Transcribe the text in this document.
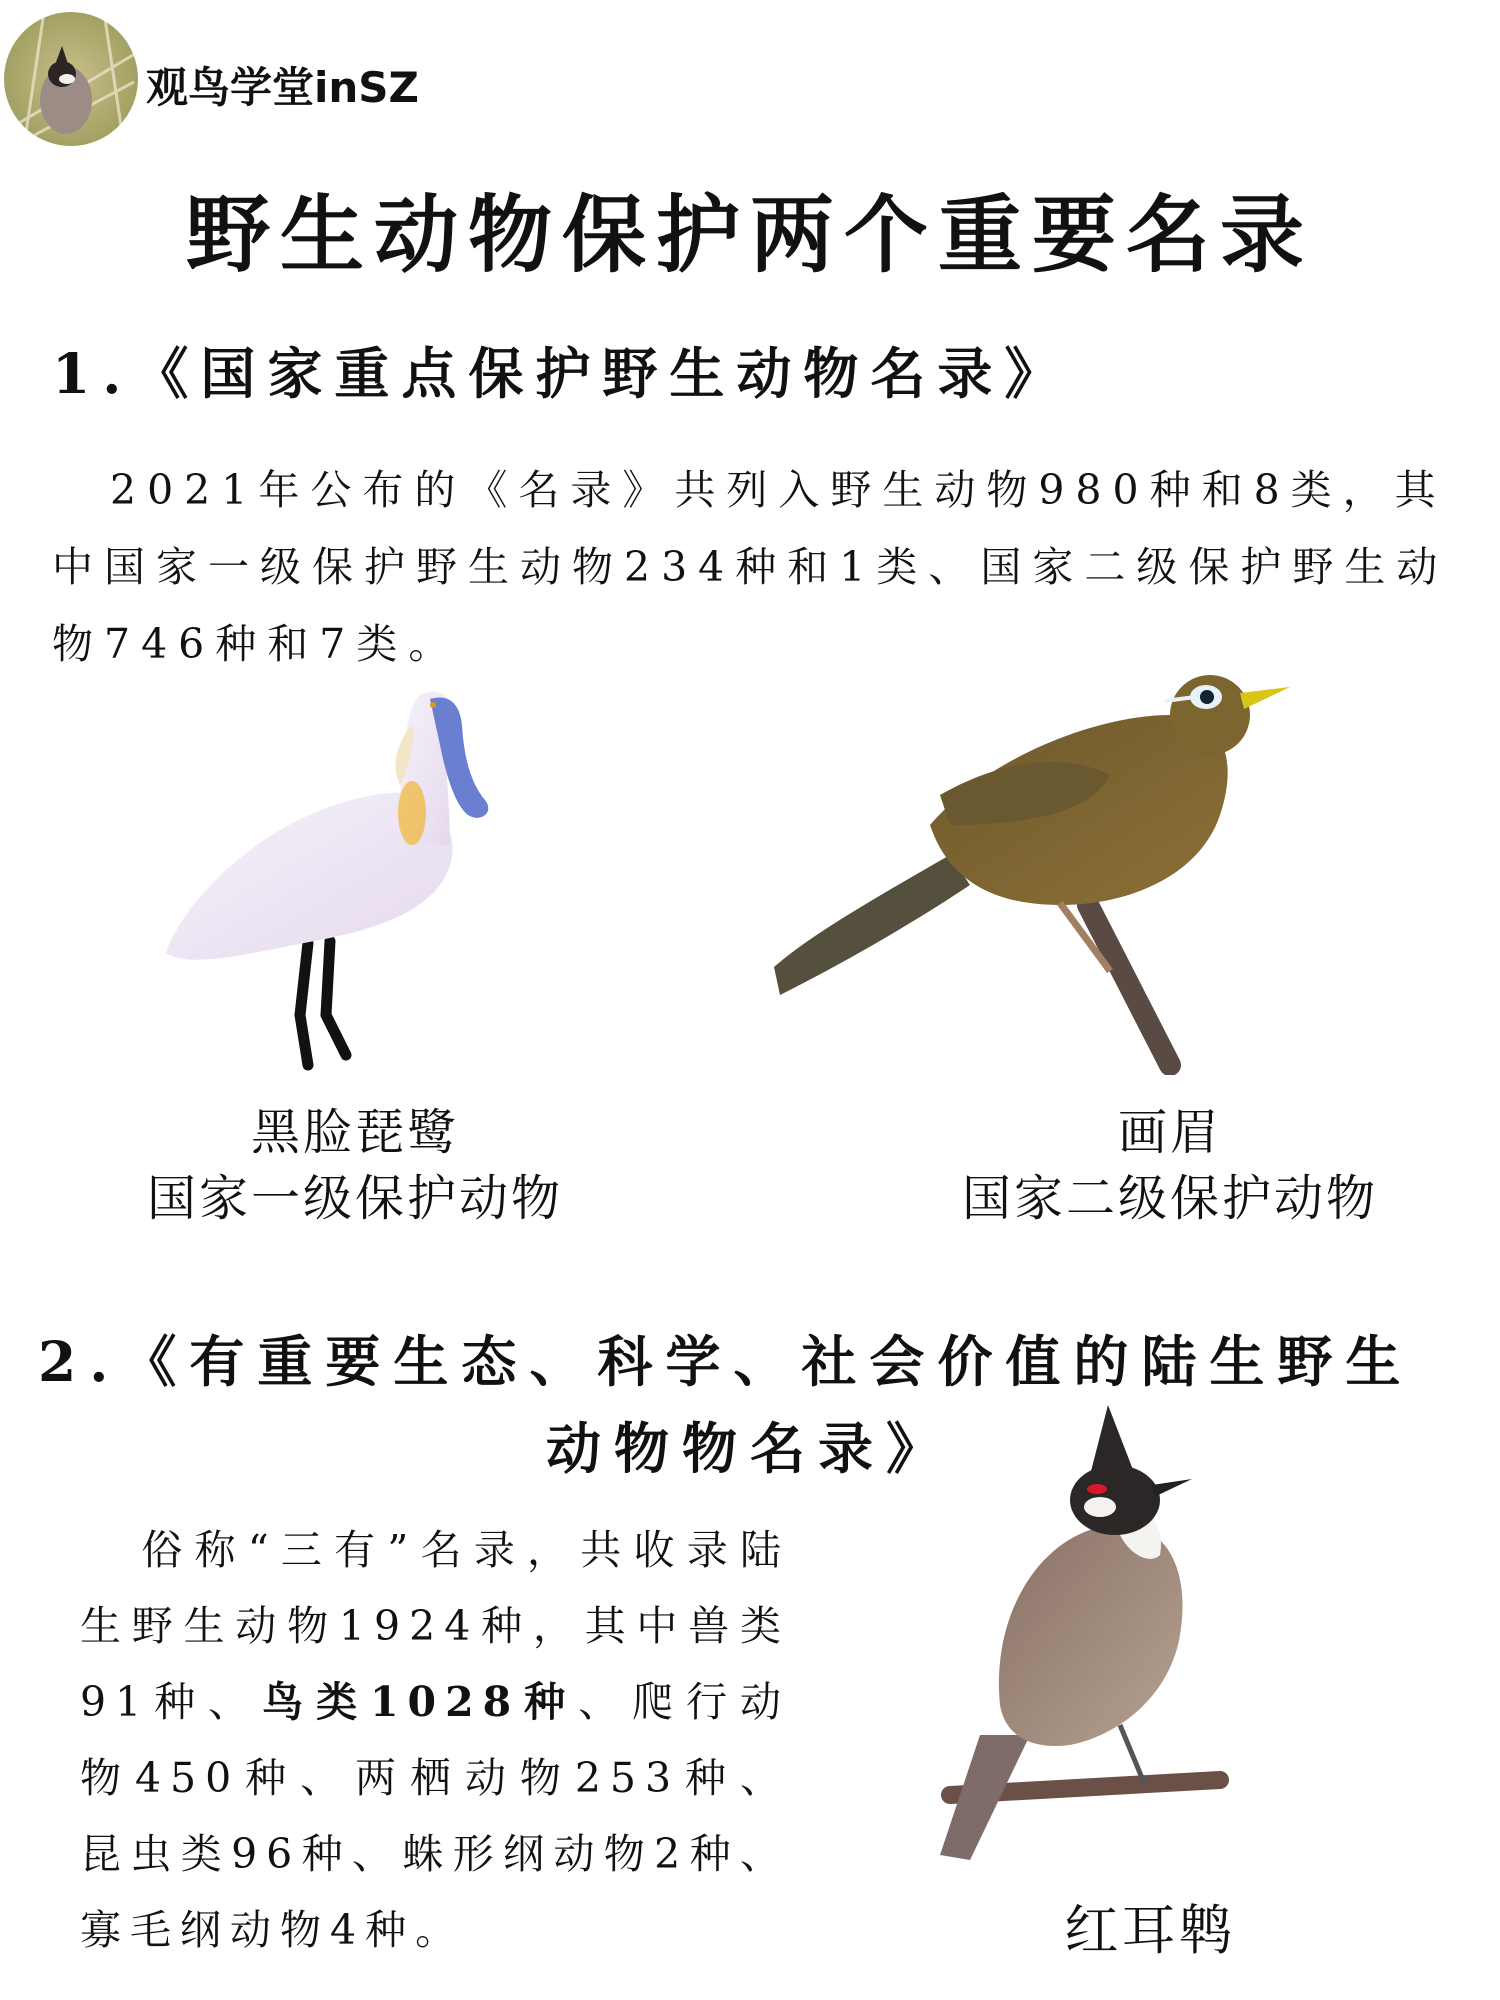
观鸟学堂inSZ
野生动物保护两个重要名录
1.《国家重点保护野生动物名录》
2021年公布的《名录》共列入野生动物980种和8类，其中国家一级保护野生动物234种和1类、国家二级保护野生动物746种和7类。
黑脸琵鹭
国家一级保护动物
画眉
国家二级保护动物
2.《有重要生态、科学、社会价值的陆生野生
动物物名录》
俗称“三有”名录，共收录陆生野生动物1924种，其中兽类91种、鸟类1028种、爬行动物450种、两栖动物253种、昆虫类96种、蛛形纲动物2种、寡毛纲动物4种。	红耳鹎
